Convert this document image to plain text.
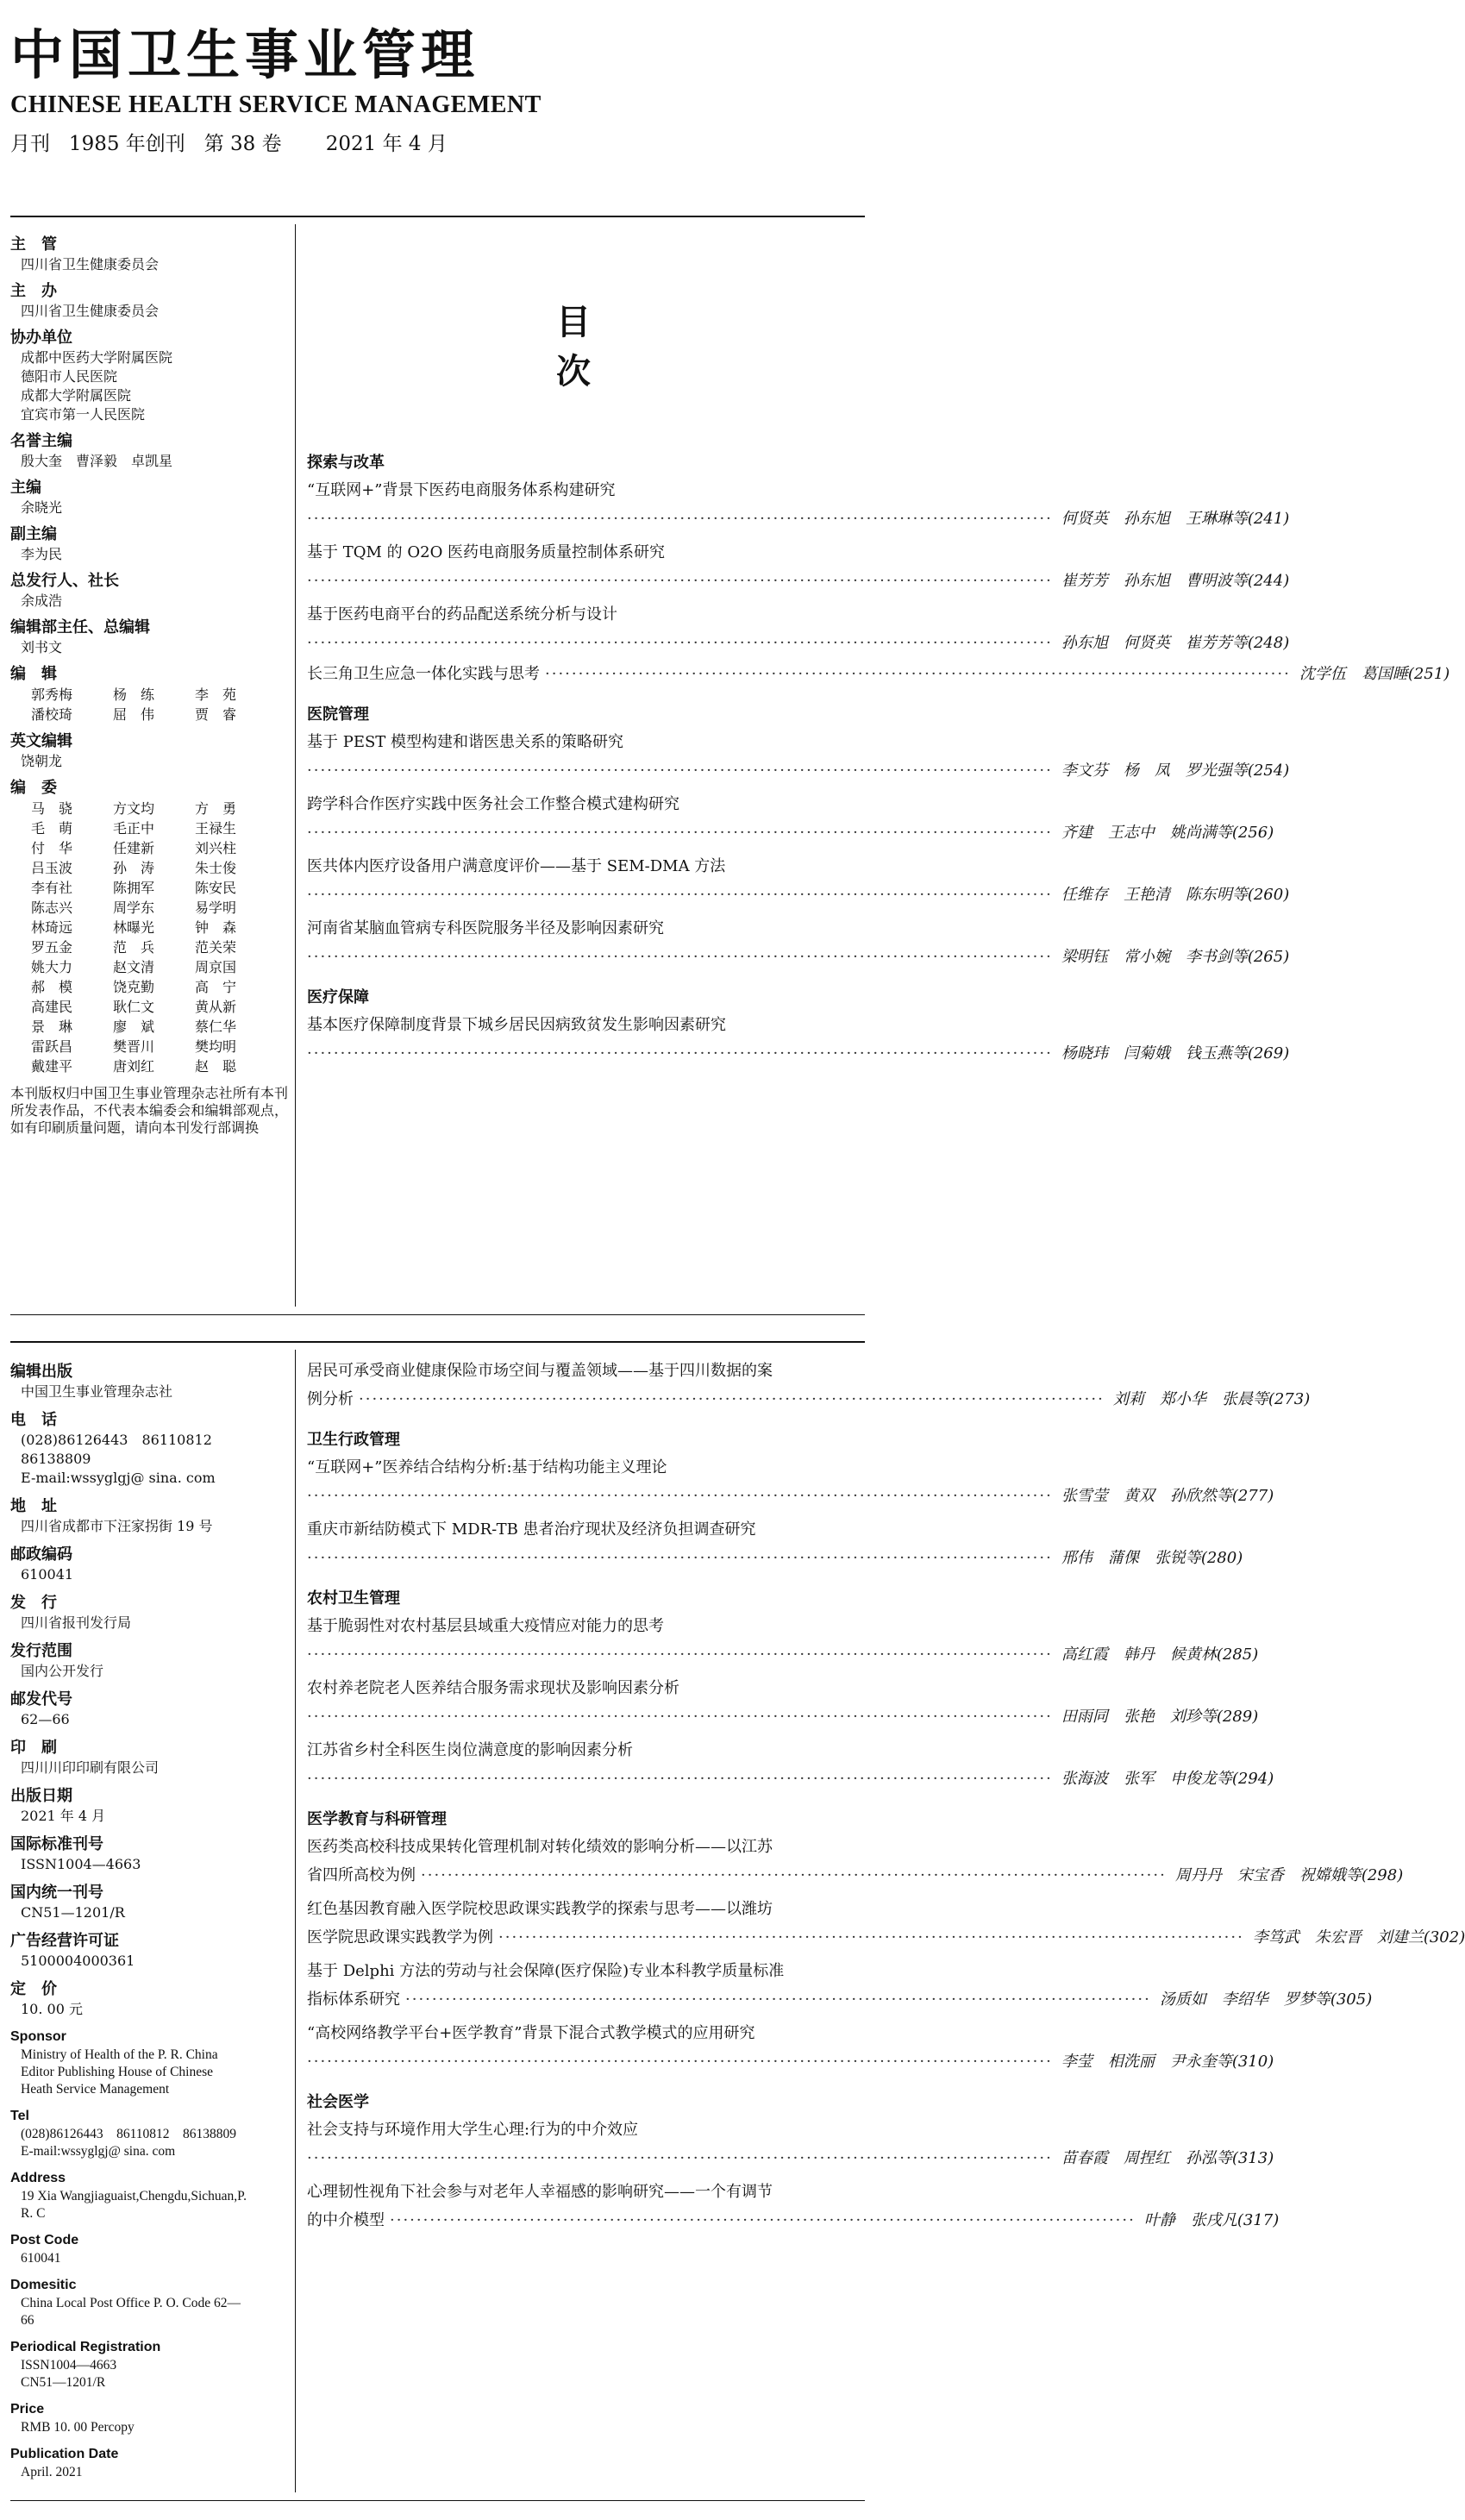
中国卫生事业管理
CHINESE HEALTH SERVICE MANAGEMENT
月刊   1985 年创刊   第 38 卷       2021 年 4 月
主　管
四川省卫生健康委员会
主　办
四川省卫生健康委员会
协办单位
成都中医药大学附属医院
德阳市人民医院
成都大学附属医院
宜宾市第一人民医院
名誉主编
殷大奎　曹泽毅　卓凯星
主编
余晓光
副主编
李为民
总发行人、社长
余成浩
编辑部主任、总编辑
刘书文
编　辑
郭秀梅	杨　练	李　苑
潘校琦	屈　伟	贾　睿
英文编辑
饶朝龙
编　委
马　骁	方文均	方　勇
毛　萌	毛正中	王禄生
付　华	任建新	刘兴柱
吕玉波	孙　涛	朱士俊
李有社	陈拥军	陈安民
陈志兴	周学东	易学明
林琦远	林曝光	钟　森
罗五金	范　兵	范关荣
姚大力	赵文清	周京国
郝　模	饶克勤	高　宁
高建民	耿仁文	黄从新
景　琳	廖　斌	蔡仁华
雷跃昌	樊晋川	樊均明
戴建平	唐刘红	赵　聪
本刊版权归中国卫生事业管理杂志社所有本刊所发表作品，不代表本编委会和编辑部观点，如有印刷质量问题，请向本刊发行部调换
目　次
探索与改革
“互联网+”背景下医药电商服务体系构建研究
·····
何贤英　孙东旭　王琳琳等(241)
基于 TQM 的 O2O 医药电商服务质量控制体系研究
·····
崔芳芳　孙东旭　曹明波等(244)
基于医药电商平台的药品配送系统分析与设计
·····
孙东旭　何贤英　崔芳芳等(248)
长三角卫生应急一体化实践与思考 ·····	沈学伍　葛国睡(251)
医院管理
基于 PEST 模型构建和谐医患关系的策略研究
·····
李文芬　杨　凤　罗光强等(254)
跨学科合作医疗实践中医务社会工作整合模式建构研究
·····
齐建　王志中　姚尚满等(256)
医共体内医疗设备用户满意度评价——基于 SEM-DMA 方法
·····
任维存　王艳清　陈东明等(260)
河南省某脑血管病专科医院服务半径及影响因素研究
·····
梁明钰　常小婉　李书剑等(265)
医疗保障
基本医疗保障制度背景下城乡居民因病致贫发生影响因素研究
·····
杨晓玮　闫菊娥　钱玉燕等(269)
编辑出版
中国卫生事业管理杂志社
电　话
(028)86126443　86110812　86138809
E-mail:wssyglgj@ sina. com
地　址
四川省成都市下汪家拐街 19 号
邮政编码
610041
发　行
四川省报刊发行局
发行范围
国内公开发行
邮发代号
62—66
印　刷
四川川印印刷有限公司
出版日期
2021 年 4 月
国际标准刊号
ISSN1004—4663
国内统一刊号
CN51—1201/R
广告经营许可证
5100004000361
定　价
10. 00 元
Sponsor
Ministry of Health of the P. R. China
Editor Publishing House of Chinese
Heath Service Management
Tel
(028)86126443　86110812　86138809
E-mail:wssyglgj@ sina. com
Address
19 Xia Wangjiaguaist,Chengdu,Sichuan,P.
R. C
Post Code
610041
Domesitic
China Local Post Office P. O. Code 62—
66
Periodical Registration
ISSN1004—4663
CN51—1201/R
Price
RMB 10. 00 Percopy
Publication Date
April. 2021
居民可承受商业健康保险市场空间与覆盖领域——基于四川数据的案
例分析 ·····	刘莉　郑小华　张晨等(273)
卫生行政管理
“互联网+”医养结合结构分析:基于结构功能主义理论
·····
张雪莹　黄双　孙欣然等(277)
重庆市新结防模式下 MDR-TB 患者治疗现状及经济负担调查研究
·····
邢伟　蒲倮　张锐等(280)
农村卫生管理
基于脆弱性对农村基层县域重大疫情应对能力的思考
·····
高红霞　韩丹　候黄林(285)
农村养老院老人医养结合服务需求现状及影响因素分析
·····
田雨同　张艳　刘珍等(289)
江苏省乡村全科医生岗位满意度的影响因素分析
·····
张海波　张军　申俊龙等(294)
医学教育与科研管理
医药类高校科技成果转化管理机制对转化绩效的影响分析——以江苏
省四所高校为例 ·····	周丹丹　宋宝香　祝嫦娥等(298)
红色基因教育融入医学院校思政课实践教学的探索与思考——以潍坊
医学院思政课实践教学为例 ·····	李笃武　朱宏晋　刘建兰(302)
基于 Delphi 方法的劳动与社会保障(医疗保险)专业本科教学质量标准
指标体系研究 ·····	汤质如　李绍华　罗梦等(305)
“高校网络教学平台+医学教育”背景下混合式教学模式的应用研究
·····
李莹　相洗丽　尹永奎等(310)
社会医学
社会支持与环境作用大学生心理:行为的中介效应
·····
苗春霞　周捏红　孙泓等(313)
心理韧性视角下社会参与对老年人幸福感的影响研究——一个有调节
的中介模型 ·····	叶静　张戌凡(317)
